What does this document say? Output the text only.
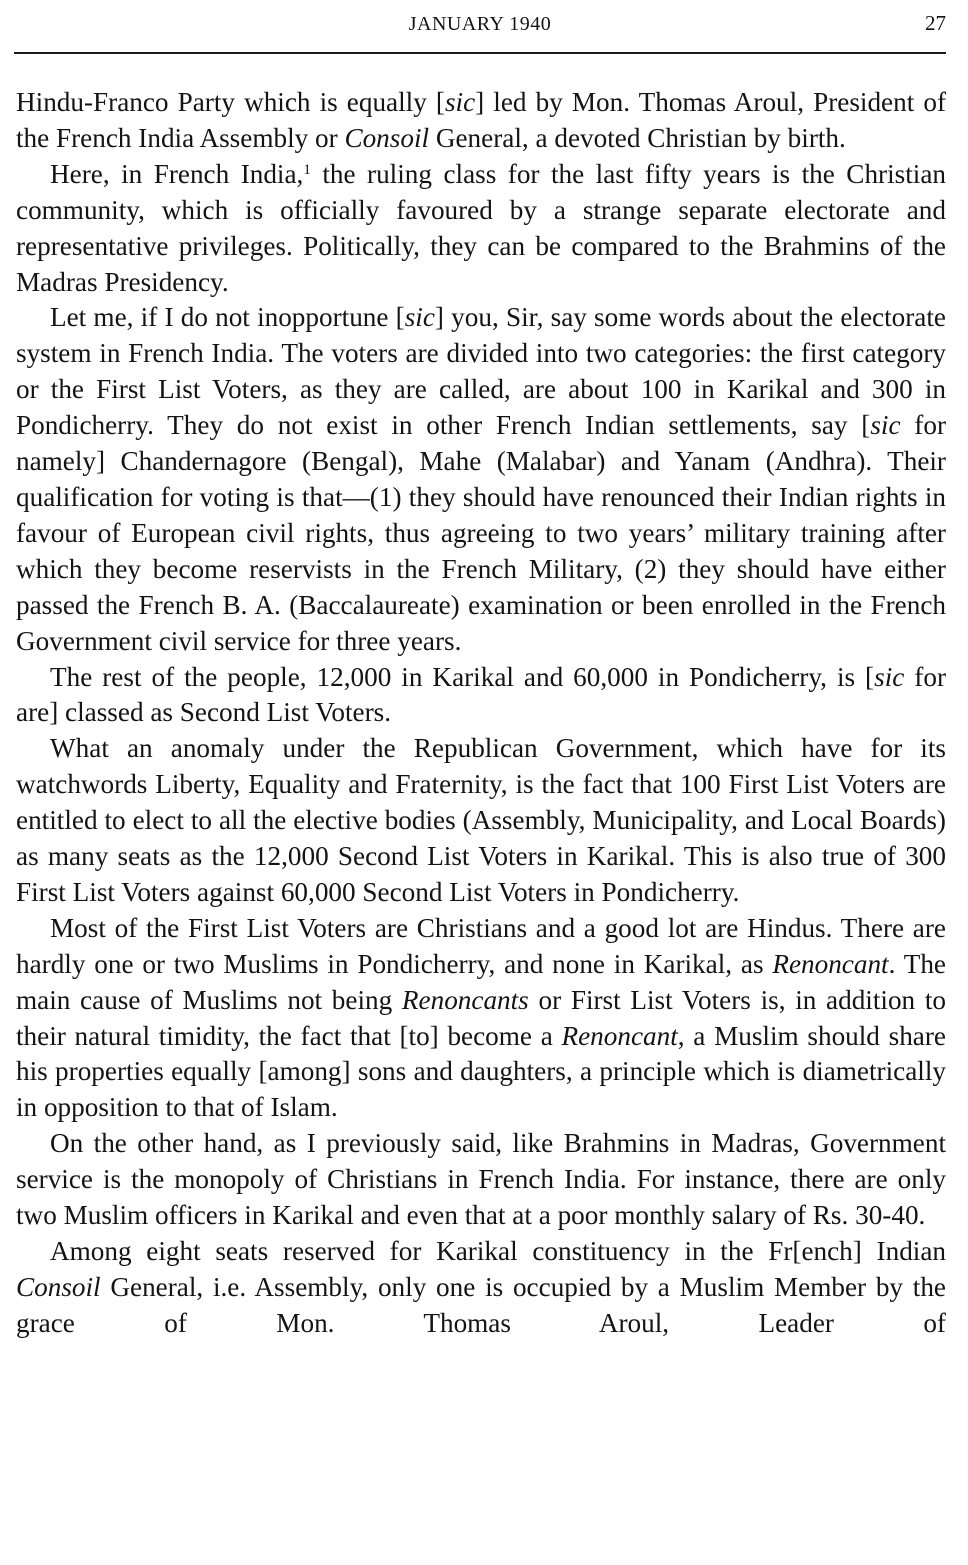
JANUARY 1940	27

Hindu-Franco Party which is equally [sic] led by Mon. Thomas Aroul, President of the French India Assembly or Consoil General, a devoted Christian by birth.

Here, in French India,$^1$ the ruling class for the last fifty years is the Christian community, which is officially favoured by a strange separate electorate and representative privileges. Politically, they can be compared to the Brahmins of the Madras Presidency.

Let me, if I do not inopportune [sic] you, Sir, say some words about the electorate system in French India. The voters are divided into two categories: the first category or the First List Voters, as they are called, are about 100 in Karikal and 300 in Pondicherry. They do not exist in other French Indian settlements, say [sic for namely] Chandernagore (Bengal), Mahe (Malabar) and Yanam (Andhra). Their qualification for voting is that—(1) they should have renounced their Indian rights in favour of European civil rights, thus agreeing to two years’ military training after which they become reservists in the French Military, (2) they should have either passed the French B. A. (Baccalaureate) examination or been enrolled in the French Government civil service for three years.

The rest of the people, 12,000 in Karikal and 60,000 in Pondicherry, is [sic for are] classed as Second List Voters.

What an anomaly under the Republican Government, which have for its watchwords Liberty, Equality and Fraternity, is the fact that 100 First List Voters are entitled to elect to all the elective bodies (Assembly, Municipality, and Local Boards) as many seats as the 12,000 Second List Voters in Karikal. This is also true of 300 First List Voters against 60,000 Second List Voters in Pondicherry.

Most of the First List Voters are Christians and a good lot are Hindus. There are hardly one or two Muslims in Pondicherry, and none in Karikal, as Renoncant. The main cause of Muslims not being Renoncants or First List Voters is, in addition to their natural timidity, the fact that [to] become a Renoncant, a Muslim should share his properties equally [among] sons and daughters, a principle which is diametrically in opposition to that of Islam.

On the other hand, as I previously said, like Brahmins in Madras, Government service is the monopoly of Christians in French India. For instance, there are only two Muslim officers in Karikal and even that at a poor monthly salary of Rs. 30-40.

Among eight seats reserved for Karikal constituency in the Fr[ench] Indian Consoil General, i.e. Assembly, only one is occupied by a Muslim Member by the grace of Mon. Thomas Aroul, Leader of
